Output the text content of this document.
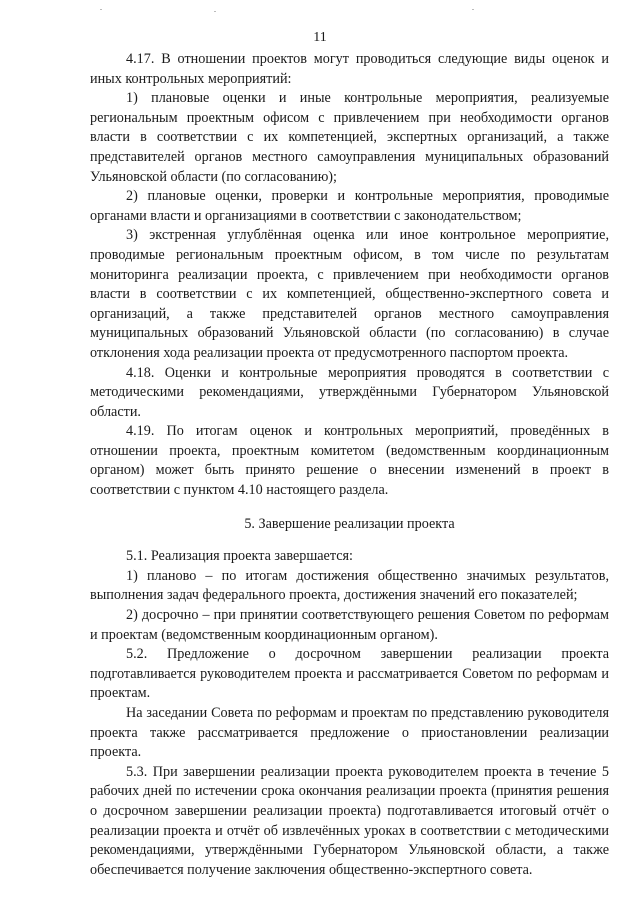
11

4.17. В отношении проектов могут проводиться следующие виды оценок и иных контрольных мероприятий:

1) плановые оценки и иные контрольные мероприятия, реализуемые региональным проектным офисом с привлечением при необходимости органов власти в соответствии с их компетенцией, экспертных организаций, а также представителей органов местного самоуправления муниципальных образований Ульяновской области (по согласованию);

2) плановые оценки, проверки и контрольные мероприятия, проводимые органами власти и организациями в соответствии с законодательством;

3) экстренная углублённая оценка или иное контрольное мероприятие, проводимые региональным проектным офисом, в том числе по результатам мониторинга реализации проекта, с привлечением при необходимости органов власти в соответствии с их компетенцией, общественно-экспертного совета и организаций, а также представителей органов местного самоуправления муниципальных образований Ульяновской области (по согласованию) в случае отклонения хода реализации проекта от предусмотренного паспортом проекта.

4.18. Оценки и контрольные мероприятия проводятся в соответствии с методическими рекомендациями, утверждёнными Губернатором Ульяновской области.

4.19. По итогам оценок и контрольных мероприятий, проведённых в отношении проекта, проектным комитетом (ведомственным координационным органом) может быть принято решение о внесении изменений в проект в соответствии с пунктом 4.10 настоящего раздела.

5. Завершение реализации проекта

5.1. Реализация проекта завершается:

1) планово – по итогам достижения общественно значимых результатов, выполнения задач федерального проекта, достижения значений его показателей;

2) досрочно – при принятии соответствующего решения Советом по реформам и проектам (ведомственным координационным органом).

5.2. Предложение о досрочном завершении реализации проекта подготавливается руководителем проекта и рассматривается Советом по реформам и проектам.

На заседании Совета по реформам и проектам по представлению руководителя проекта также рассматривается предложение о приостановлении реализации проекта.

5.3. При завершении реализации проекта руководителем проекта в течение 5 рабочих дней по истечении срока окончания реализации проекта (принятия решения о досрочном завершении реализации проекта) подготавливается итоговый отчёт о реализации проекта и отчёт об извлечённых уроках в соответствии с методическими рекомендациями, утверждёнными Губернатором Ульяновской области, а также обеспечивается получение заключения общественно-экспертного совета.
